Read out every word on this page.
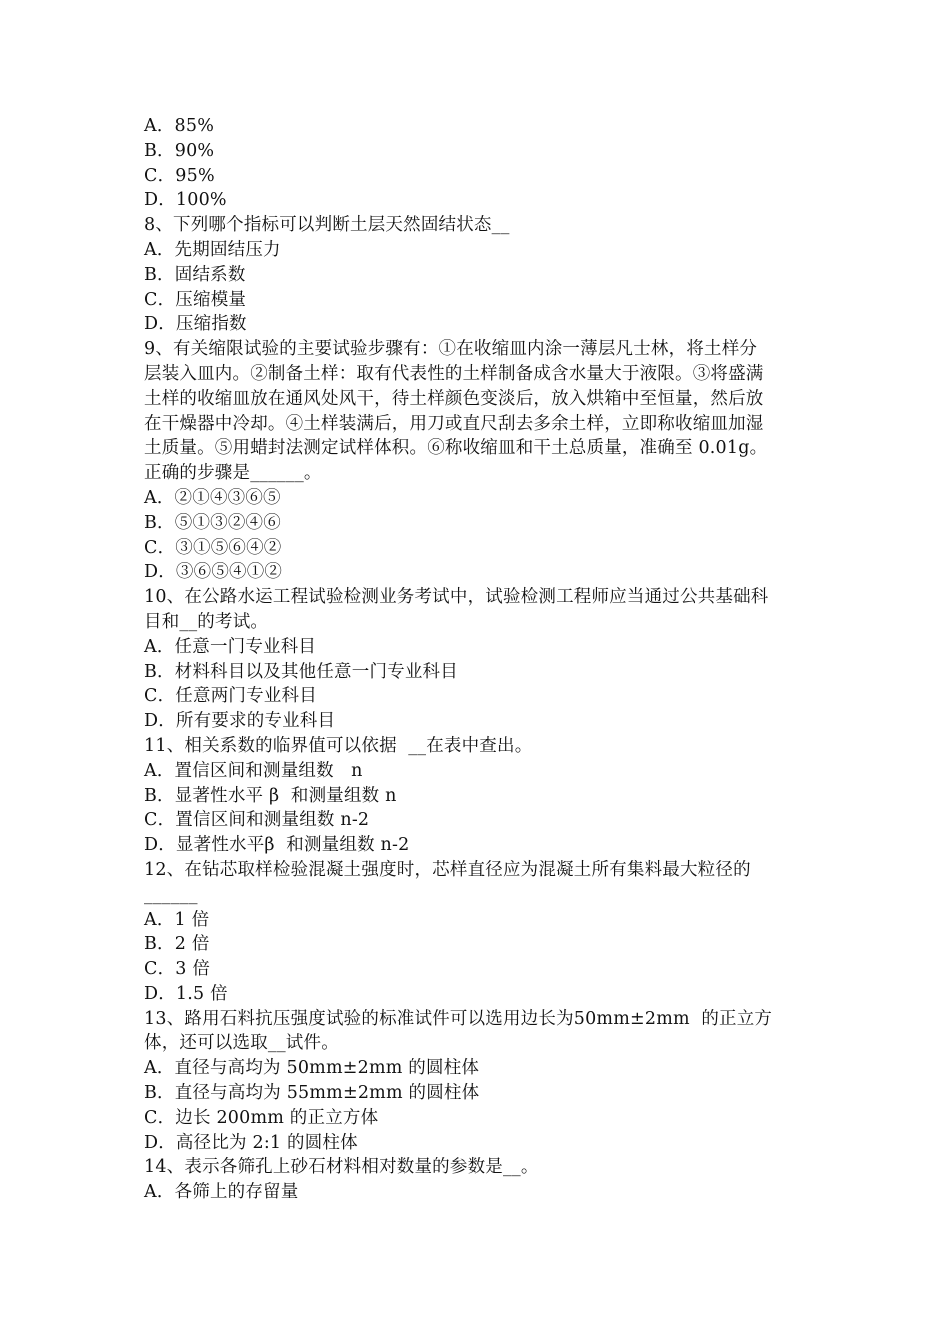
A．85%
B．90%
C．95%
D．100%
8、下列哪个指标可以判断土层天然固结状态__
A．先期固结压力
B．固结系数
C．压缩模量
D．压缩指数
9、有关缩限试验的主要试验步骤有：①在收缩皿内涂一薄层凡士林，将土样分
层装入皿内。②制备土样：取有代表性的土样制备成含水量大于液限。③将盛满
土样的收缩皿放在通风处风干，待土样颜色变淡后，放入烘箱中至恒量，然后放
在干燥器中冷却。④土样装满后，用刀或直尺刮去多余土样，立即称收缩皿加湿
土质量。⑤用蜡封法测定试样体积。⑥称收缩皿和干土总质量，准确至 0.01g。
正确的步骤是______。
A．②①④③⑥⑤
B．⑤①③②④⑥
C．③①⑤⑥④②
D．③⑥⑤④①②
10、在公路水运工程试验检测业务考试中，试验检测工程师应当通过公共基础科
目和__的考试。
A．任意一门专业科目
B．材料科目以及其他任意一门专业科目
C．任意两门专业科目
D．所有要求的专业科目
11、相关系数的临界值可以依据  __在表中查出。
A．置信区间和测量组数   n
B．显著性水平 β  和测量组数 n
C．置信区间和测量组数 n-2
D．显著性水平β  和测量组数 n-2
12、在钻芯取样检验混凝土强度时，芯样直径应为混凝土所有集料最大粒径的
______
A．1 倍
B．2 倍
C．3 倍
D．1.5 倍
13、路用石料抗压强度试验的标准试件可以选用边长为50mm±2mm  的正立方
体，还可以选取__试件。
A．直径与高均为 50mm±2mm 的圆柱体
B．直径与高均为 55mm±2mm 的圆柱体
C．边长 200mm 的正立方体
D．高径比为 2:1 的圆柱体
14、表示各筛孔上砂石材料相对数量的参数是__。
A．各筛上的存留量
